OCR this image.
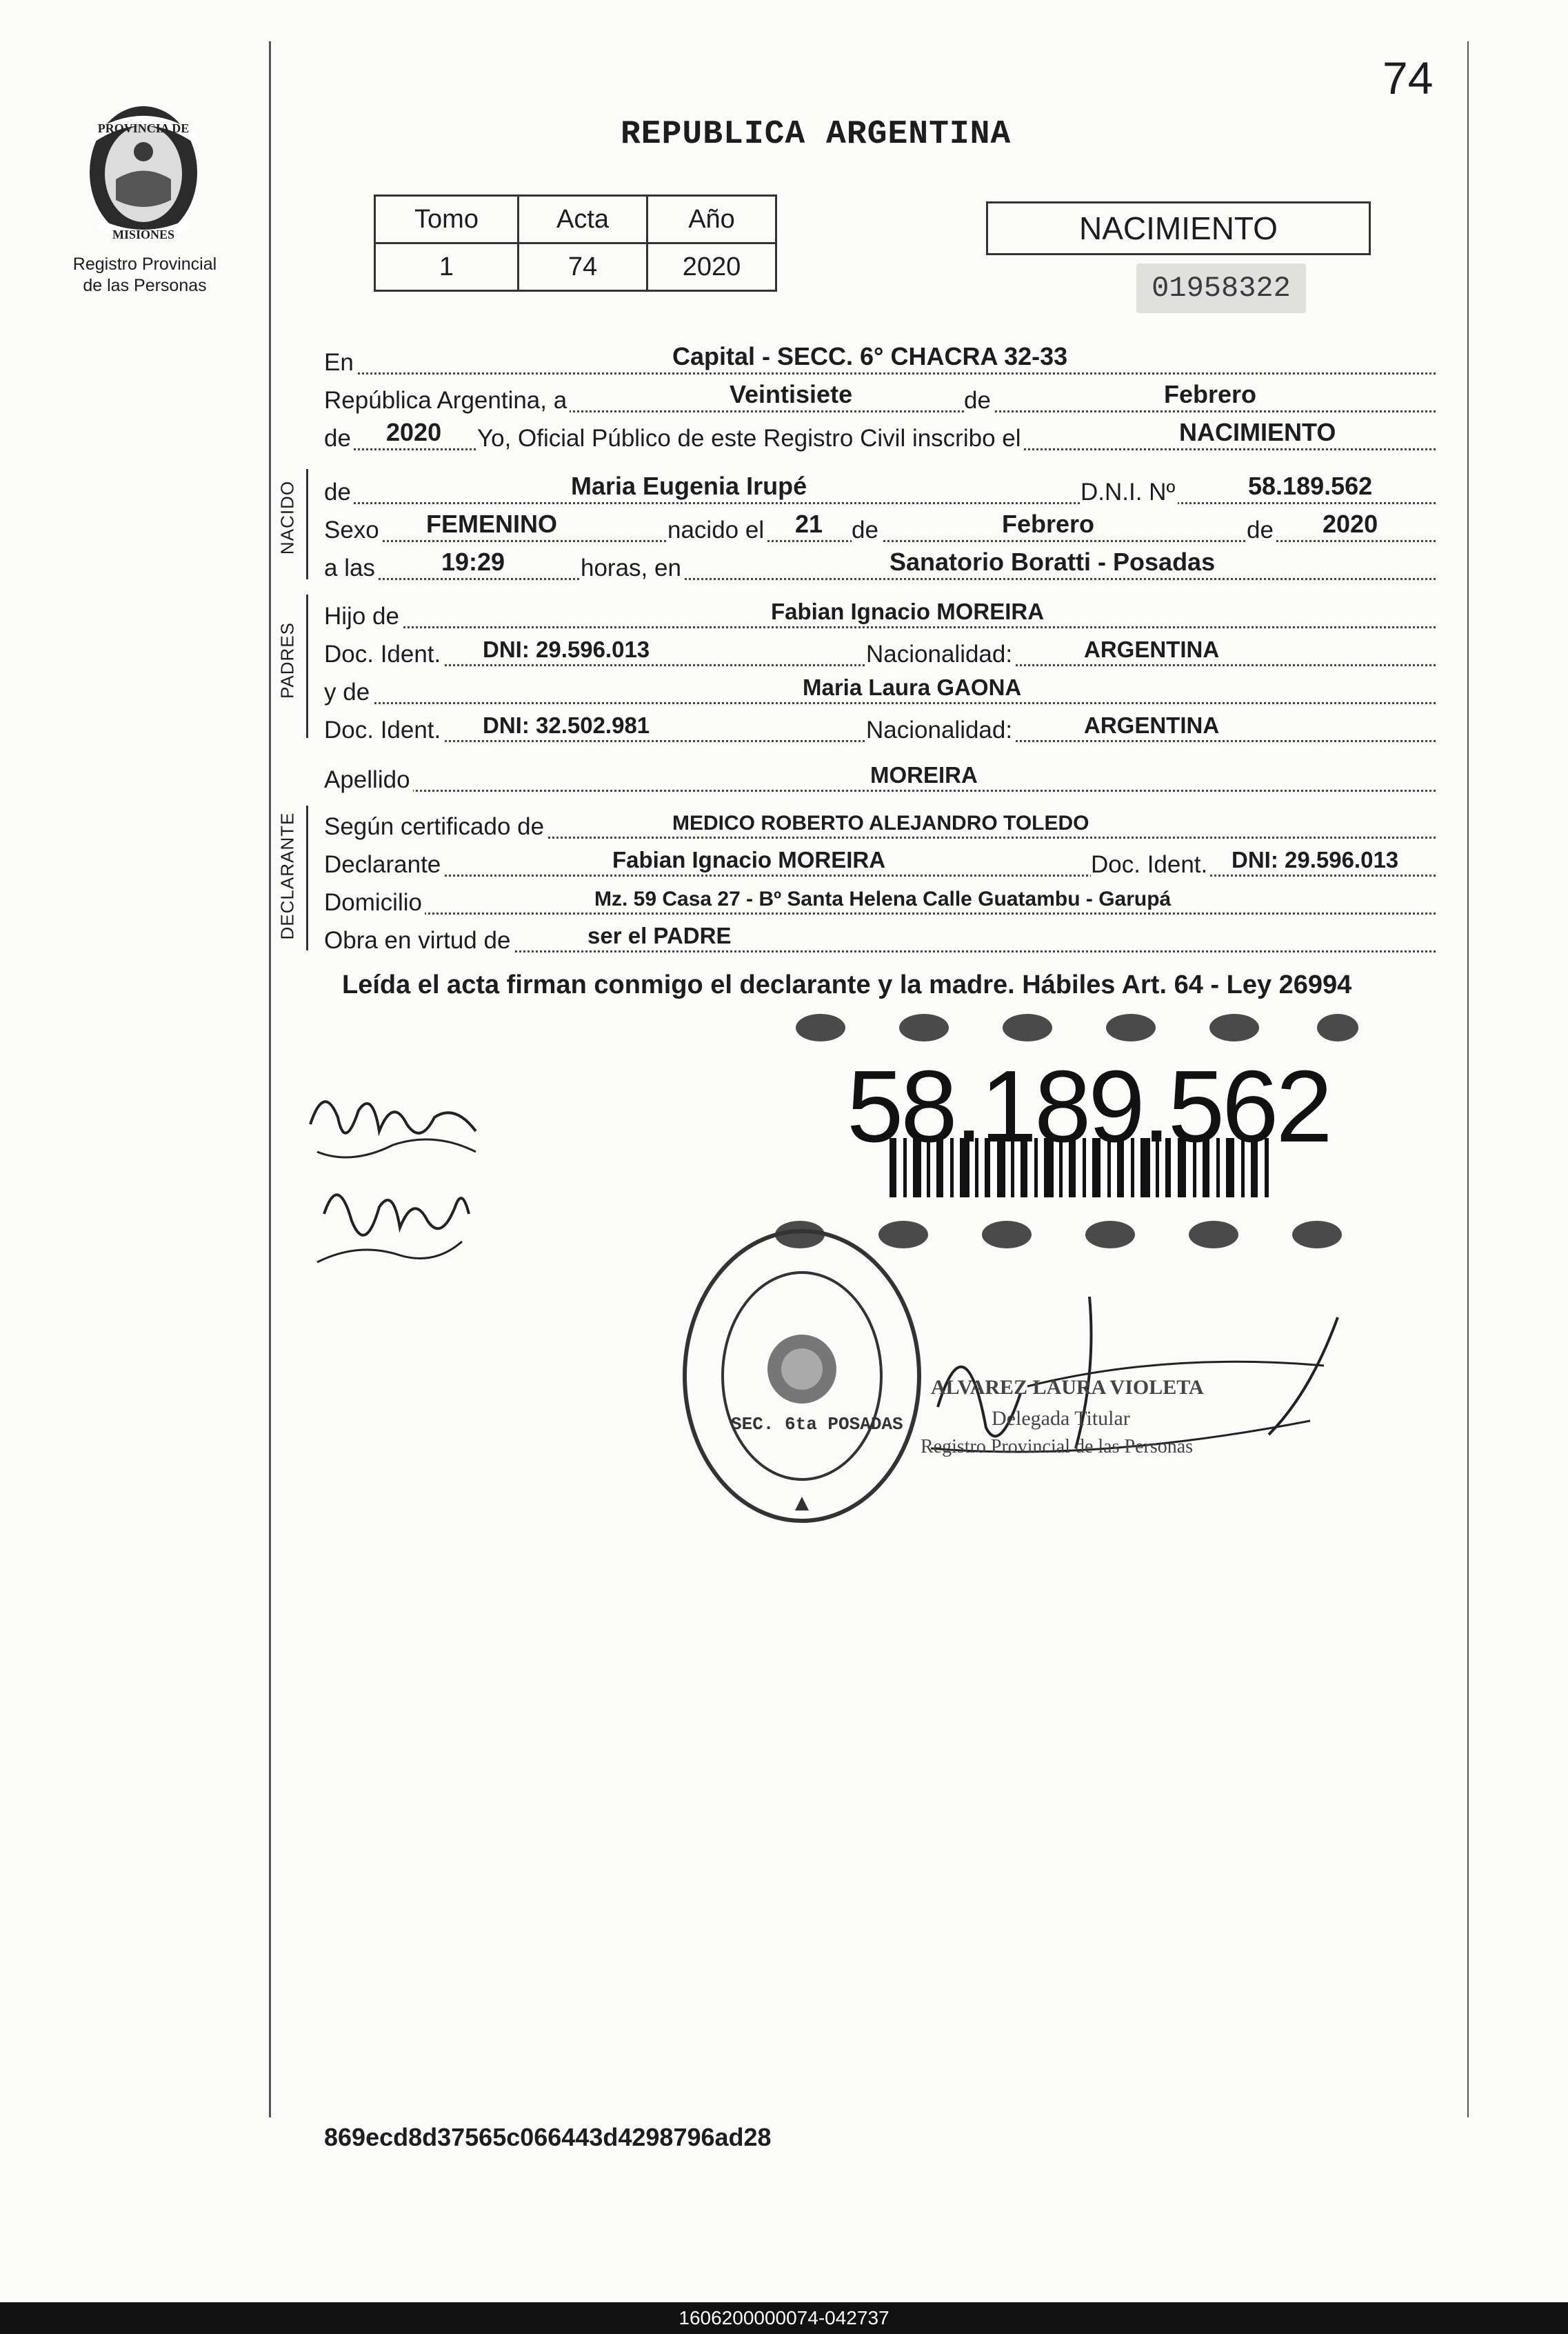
74
PROVINCIA DE
MISIONES
Registro Provincial
de las Personas
REPUBLICA ARGENTINA
Tomo	Acta	Año
1	74	2020
NACIMIENTO
01958322
En	Capital - SECC. 6° CHACRA 32-33
República Argentina, a	Veintisiete	de	Febrero
de 2020 Yo, Oficial Público de este Registro Civil inscribo el	NACIMIENTO
NACIDO de	Maria Eugenia Irupé	D.N.I. Nº	58.189.562
Sexo FEMENINO	nacido el 21 de	Febrero	de 2020
a las	19:29	horas, en	Sanatorio Boratti - Posadas
PADRES
Hijo de	Fabian Ignacio MOREIRA
Doc. Ident. DNI: 29.596.013	Nacionalidad:	ARGENTINA
y de	Maria Laura GAONA
Doc. Ident. DNI: 32.502.981	Nacionalidad:	ARGENTINA
Apellido	MOREIRA
DECLARANTE Según certificado de	MEDICO ROBERTO ALEJANDRO TOLEDO
Declarante	Fabian Ignacio MOREIRA	Doc. Ident. DNI: 29.596.013
Domicilio	Mz. 59 Casa 27 - Bº Santa Helena Calle Guatambu - Garupá
Obra en virtud de	ser el PADRE
Leída el acta firman conmigo el declarante y la madre. Hábiles Art. 64 - Ley 26994
58.189.562
ALVAREZ LAURA VIOLETA
Delegada Titular
Registro Provincial de las Personas
SEC. 6ta POSADAS
869ecd8d37565c066443d4298796ad28
1606200000074-042737
